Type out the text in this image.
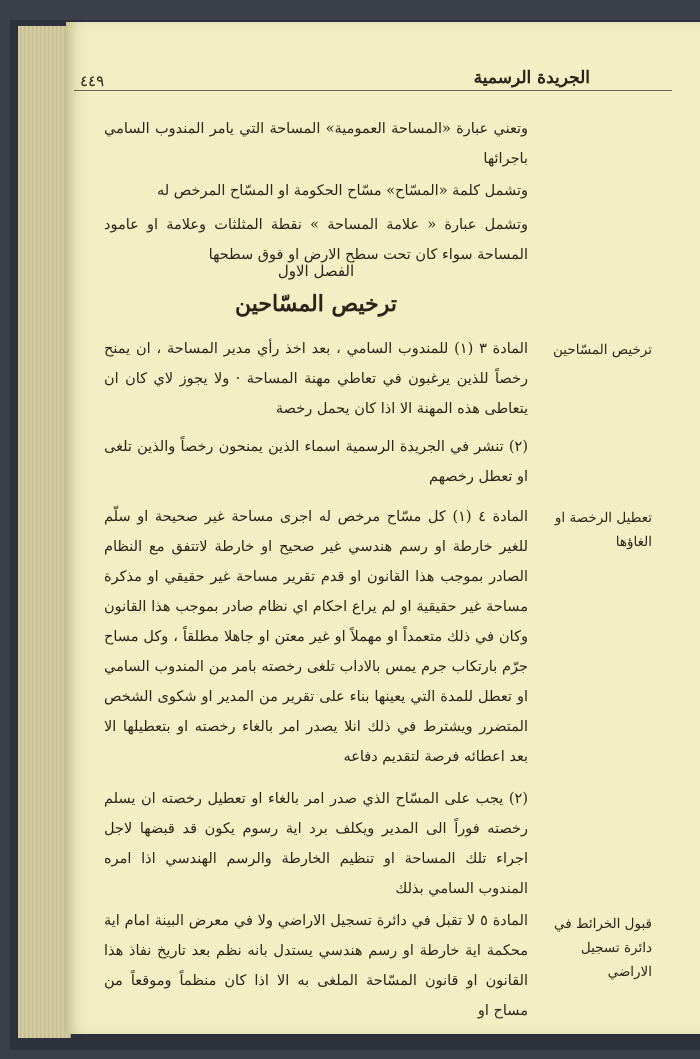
٤٤٩	الجريدة الرسمية

وتعني عبارة «المساحة العمومية» المساحة التي يامر المندوب السامي باجرائها

وتشمل كلمة «المسّاح» مسّاح الحكومة او المسّاح المرخص له

وتشمل عبارة « علامة المساحة » نقطة المثلثات وعلامة او عامود المساحة سواء كان تحت سطح الارض او فوق سطحها

الفصل الاول
ترخيص المسّاحين
ترخيص المسّاحين

المادة ٣ (١) للمندوب السامي ، بعد اخذ رأي مدير المساحة ، ان يمنح رخصاً للذين يرغبون في تعاطي مهنة المساحة · ولا يجوز لاي كان ان يتعاطى هذه المهنة الا اذا كان يحمل رخصة

(٢) تنشر في الجريدة الرسمية اسماء الذين يمنحون رخصاً والذين تلغى او تعطل رخصهم

تعطيل الرخصة او الغاؤها

المادة ٤ (١) كل مسّاح مرخص له اجرى مساحة غير صحيحة او سلّم للغير خارطة او رسم هندسي غير صحيح او خارطة لاتتفق مع النظام الصادر بموجب هذا القانون او قدم تقرير مساحة غير حقيقي او مذكرة مساحة غير حقيقية او لم يراع احكام اي نظام صادر بموجب هذا القانون وكان في ذلك متعمداً او مهملاً او غير معتن او جاهلا مطلقاً ، وكل مساح جرّم بارتكاب جرم يمس بالاداب تلغى رخصته بامر من المندوب السامي او تعطل للمدة التي يعينها بناء على تقرير من المدير او شكوى الشخص المتضرر ويشترط في ذلك انلا يصدر امر بالغاء رخصته او بتعطيلها الا بعد اعطائه فرصة لتقديم دفاعه

(٢) يجب على المسّاح الذي صدر امر بالغاء او تعطيل رخصته ان يسلم رخصته فوراً الى المدير ويكلف برد اية رسوم يكون قد قبضها لاجل اجراء تلك المساحة او تنظيم الخارطة والرسم الهندسي اذا امره المندوب السامي بذلك

قبول الخرائط في دائرة تسجيل الاراضي

المادة ٥ لا تقبل في دائرة تسجيل الاراضي ولا في معرض البينة امام اية محكمة اية خارطة او رسم هندسي يستدل بانه نظم بعد تاريخ نفاذ هذا القانون او قانون المسّاحة الملغى به الا اذا كان منظماً وموقعاً من مساح او
